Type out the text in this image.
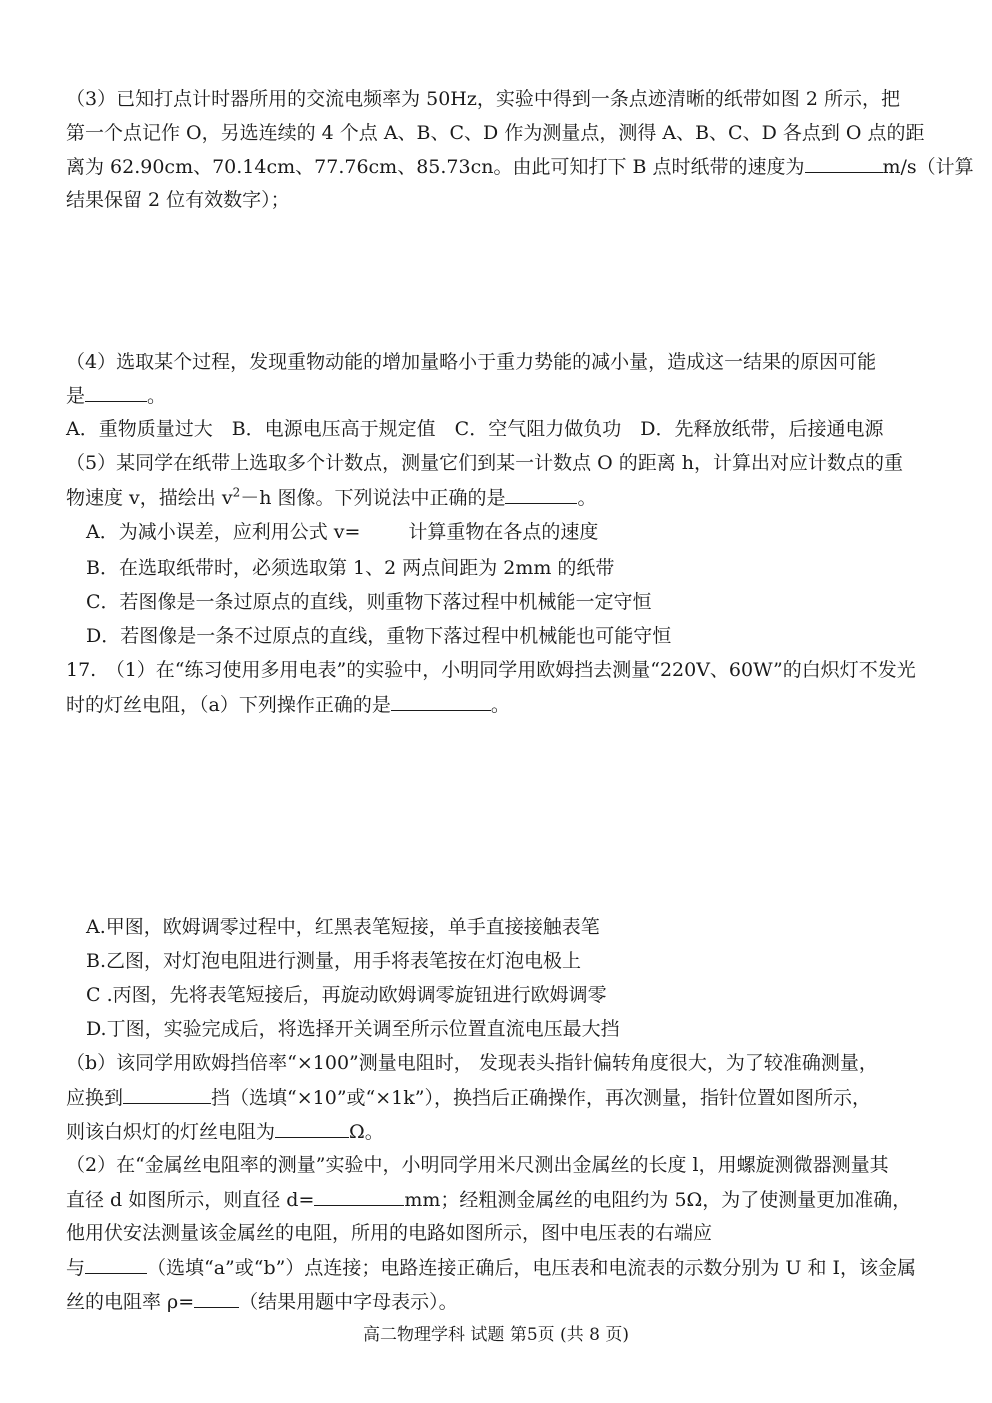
（3）已知打点计时器所用的交流电频率为 50Hz，实验中得到一条点迹清晰的纸带如图 2 所示，把
第一个点记作 O，另选连续的 4 个点 A、B、C、D 作为测量点，测得 A、B、C、D 各点到 O 点的距
离为 62.90cm、70.14cm、77.76cm、85.73cn。由此可知打下 B 点时纸带的速度为	m/s（计算
结果保留 2 位有效数字）；
（4）选取某个过程，发现重物动能的增加量略小于重力势能的减小量，造成这一结果的原因可能
是	。
A．重物质量过大　B．电源电压高于规定值　C．空气阻力做负功　D．先释放纸带，后接通电源
（5）某同学在纸带上选取多个计数点，测量它们到某一计数点 O 的距离 h，计算出对应计数点的重
物速度 v，描绘出 $v^2-h$ 图像。下列说法中正确的是	。
A．为减小误差，应利用公式 v=	计算重物在各点的速度
B．在选取纸带时，必须选取第 1、2 两点间距为 2mm 的纸带
C．若图像是一条过原点的直线，则重物下落过程中机械能一定守恒
D．若图像是一条不过原点的直线，重物下落过程中机械能也可能守恒
17.　（1）在“练习使用多用电表”的实验中，小明同学用欧姆挡去测量“220V、60W”的白炽灯不发光
时的灯丝电阻，（a）下列操作正确的是	。
A.甲图，欧姆调零过程中，红黑表笔短接，单手直接接触表笔
B.乙图，对灯泡电阻进行测量，用手将表笔按在灯泡电极上
C .丙图，先将表笔短接后，再旋动欧姆调零旋钮进行欧姆调零
D.丁图，实验完成后，将选择开关调至所示位置直流电压最大挡
（b）该同学用欧姆挡倍率“×100”测量电阻时， 发现表头指针偏转角度很大，为了较准确测量，
应换到	挡（选填“×10”或“×1k”），换挡后正确操作，再次测量，指针位置如图所示，
则该白炽灯的灯丝电阻为	Ω。
（2）在“金属丝电阻率的测量”实验中，小明同学用米尺测出金属丝的长度 l，用螺旋测微器测量其
直径 d 如图所示，则直径 d=	mm；经粗测金属丝的电阻约为 5Ω，为了使测量更加准确，
他用伏安法测量该金属丝的电阻，所用的电路如图所示，图中电压表的右端应
与	（选填“a”或“b”）点连接；电路连接正确后，电压表和电流表的示数分别为 U 和 I，该金属
丝的电阻率 ρ= （结果用题中字母表示）。
高二物理学科 试题 第5页 (共 8 页)
